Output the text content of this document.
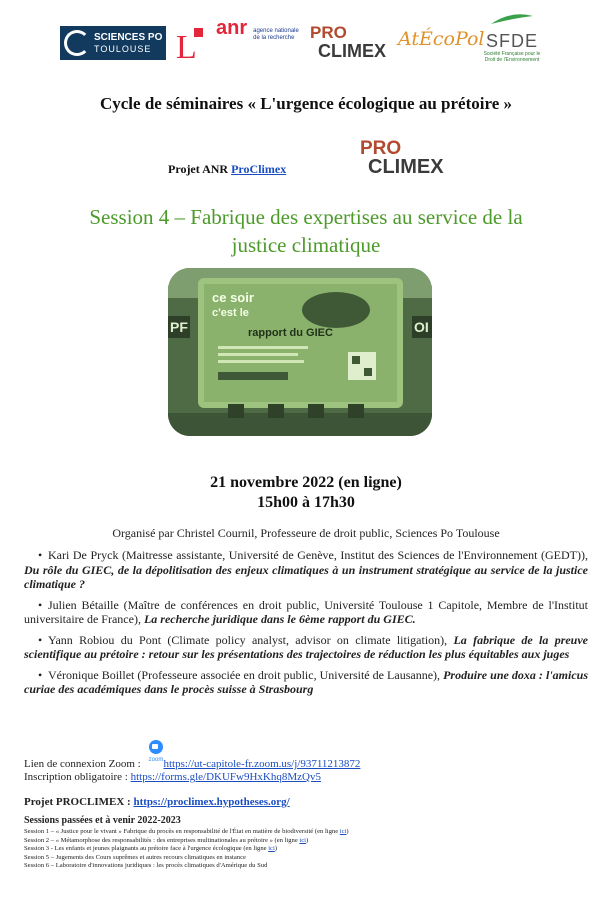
SCIENCES PO
TOULOUSE L
anr agence nationale de la recherche PRO
CLIMEX
AtÉcoPol SFDE
Société Française pour le Droit de l'Environnement
Cycle de séminaires « L'urgence écologique au prétoire »
Projet ANR ProClimex
PRO
CLIMEX
Session 4 – Fabrique des expertises au service de la
justice climatique
PF	OI
ce soir
c'est le
rapport du GIEC
21 novembre 2022 (en ligne)
15h00 à 17h30
Organisé par Christel Cournil, Professeure de droit public, Sciences Po Toulouse
• Kari De Pryck (Maitresse assistante, Université de Genève, Institut des Sciences de l'Environnement (GEDT)), Du rôle du GIEC, de la dépolitisation des enjeux climatiques à un instrument stratégique au service de la justice climatique ?
• Julien Bétaille (Maître de conférences en droit public, Université Toulouse 1 Capitole, Membre de l'Institut universitaire de France), La recherche juridique dans le 6ème rapport du GIEC.
• Yann Robiou du Pont (Climate policy analyst, advisor on climate litigation), La fabrique de la preuve scientifique au prétoire : retour sur les présentations des trajectoires de réduction les plus équitables aux juges
• Véronique Boillet (Professeure associée en droit public, Université de Lausanne), Produire une doxa : l'amicus curiae des académiques dans le procès suisse à Strasbourg
zoom
Lien de connexion Zoom : https://ut-capitole-fr.zoom.us/j/93711213872
Inscription obligatoire : https://forms.gle/DKUFw9HxKhq8MzQv5
Projet PROCLIMEX : https://proclimex.hypotheses.org/
Sessions passées et à venir 2022-2023
Session 1 – « Justice pour le vivant » Fabrique du procès en responsabilité de l'État en matière de biodiversité (en ligne ici)
Session 2 – « Métamorphose des responsabilités : des entreprises multinationales au prétoire » (en ligne ici)
Session 3 - Les enfants et jeunes plaignants au prétoire face à l'urgence écologique (en ligne ici)
Session 5 – Jugements des Cours suprêmes et autres recours climatiques en instance
Session 6 – Laboratoire d'innovations juridiques : les procès climatiques d'Amérique du Sud
